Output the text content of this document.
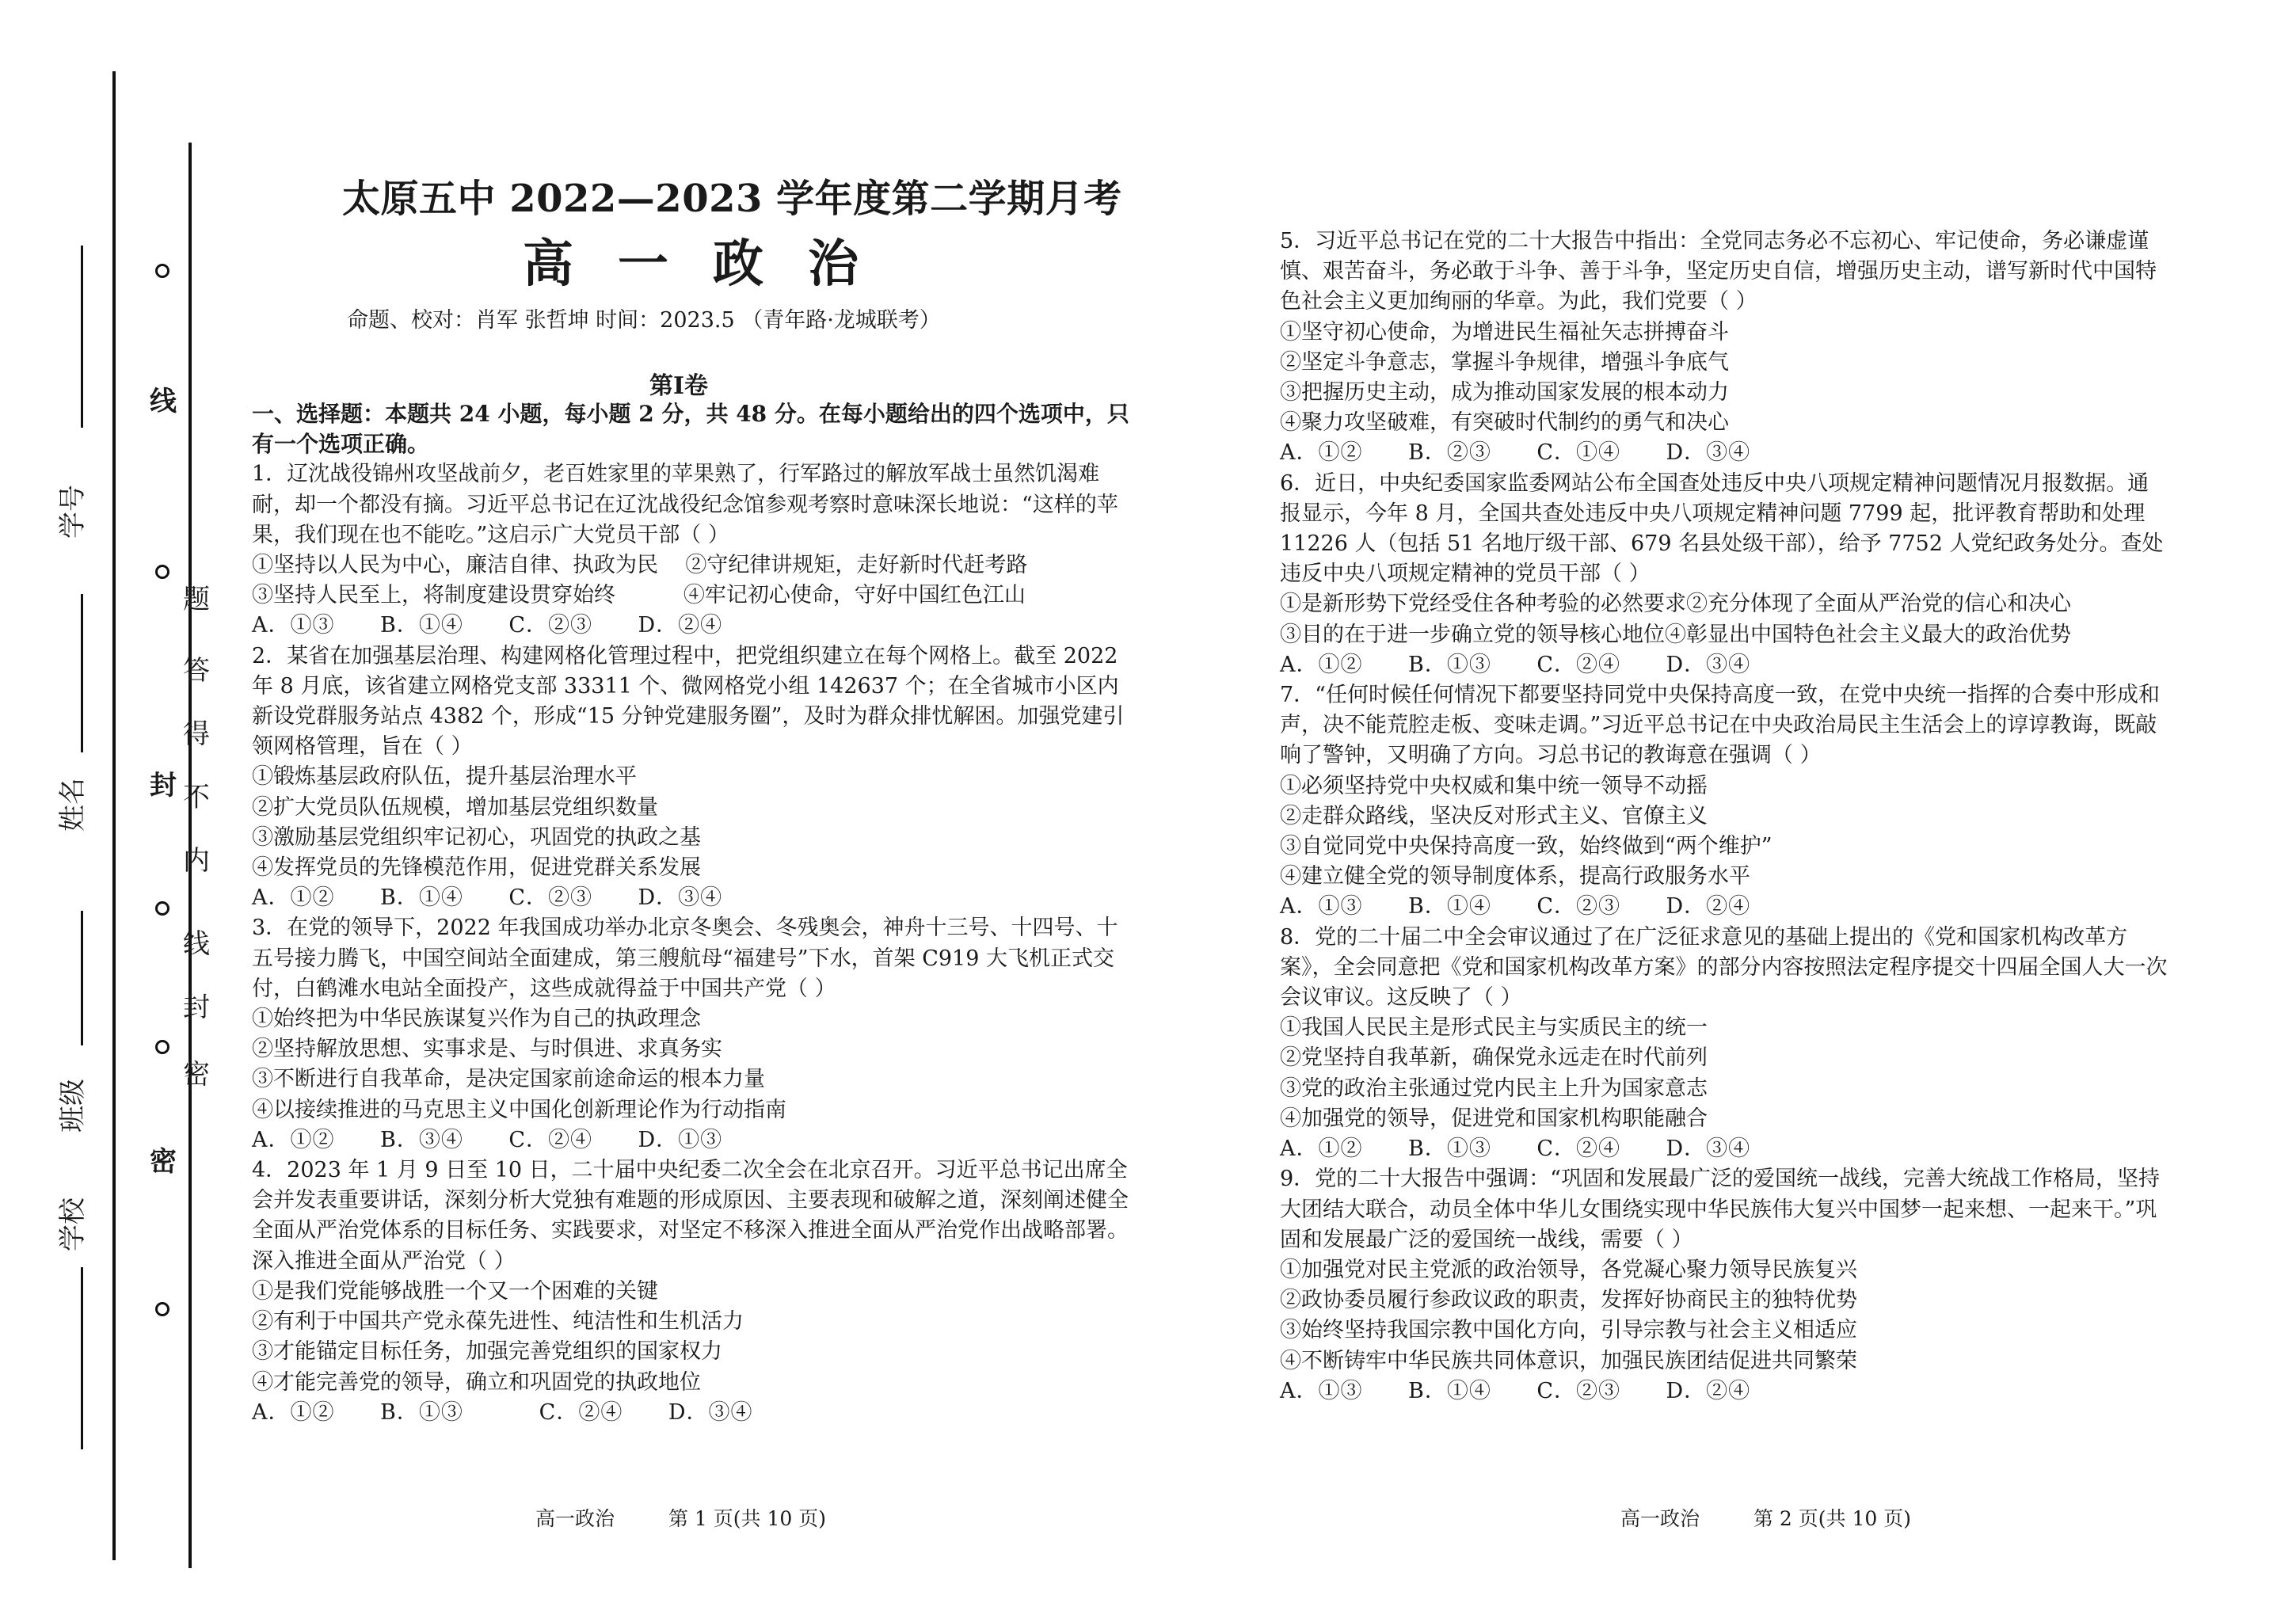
学号
姓名
班级
学校
线
封
密
题
答
得
不
内
线
封
密
太原五中 2022—2023 学年度第二学期月考
高一政治
命题、校对：肖军 张哲坤 时间：2023.5 （青年路·龙城联考）
第Ⅰ卷

一、选择题：本题共 24 小题，每小题 2 分，共 48 分。在每小题给出的四个选项中，只有一个选项正确。

1．辽沈战役锦州攻坚战前夕，老百姓家里的苹果熟了，行军路过的解放军战士虽然饥渴难耐，却一个都没有摘。习近平总书记在辽沈战役纪念馆参观考察时意味深长地说：“这样的苹果，我们现在也不能吃。”这启示广大党员干部（ ）

①坚持以人民为中心，廉洁自律、执政为民    ②守纪律讲规矩，走好新时代赶考路

③坚持人民至上，将制度建设贯穿始终          ④牢记初心使命，守好中国红色江山

A．①③      B．①④      C．②③      D．②④

2．某省在加强基层治理、构建网格化管理过程中，把党组织建立在每个网格上。截至 2022 年 8 月底，该省建立网格党支部 33311 个、微网格党小组 142637 个；在全省城市小区内新设党群服务站点 4382 个，形成“15 分钟党建服务圈”，及时为群众排忧解困。加强党建引领网格管理，旨在（ ）

①锻炼基层政府队伍，提升基层治理水平

②扩大党员队伍规模，增加基层党组织数量

③激励基层党组织牢记初心，巩固党的执政之基

④发挥党员的先锋模范作用，促进党群关系发展

A．①②      B．①④      C．②③      D．③④

3．在党的领导下，2022 年我国成功举办北京冬奥会、冬残奥会，神舟十三号、十四号、十五号接力腾飞，中国空间站全面建成，第三艘航母“福建号”下水，首架 C919 大飞机正式交付，白鹤滩水电站全面投产，这些成就得益于中国共产党（ ）

①始终把为中华民族谋复兴作为自己的执政理念

②坚持解放思想、实事求是、与时俱进、求真务实

③不断进行自我革命，是决定国家前途命运的根本力量

④以接续推进的马克思主义中国化创新理论作为行动指南

A．①②      B．③④      C．②④      D．①③

4．2023 年 1 月 9 日至 10 日，二十届中央纪委二次全会在北京召开。习近平总书记出席全会并发表重要讲话，深刻分析大党独有难题的形成原因、主要表现和破解之道，深刻阐述健全全面从严治党体系的目标任务、实践要求，对坚定不移深入推进全面从严治党作出战略部署。深入推进全面从严治党（ ）

①是我们党能够战胜一个又一个困难的关键

②有利于中国共产党永葆先进性、纯洁性和生机活力

③才能锚定目标任务，加强完善党组织的国家权力

④才能完善党的领导，确立和巩固党的执政地位

A．①②      B．①③          C．②④      D．③④

高一政治	第 1 页(共 10 页)

5．习近平总书记在党的二十大报告中指出：全党同志务必不忘初心、牢记使命，务必谦虚谨慎、艰苦奋斗，务必敢于斗争、善于斗争，坚定历史自信，增强历史主动，谱写新时代中国特色社会主义更加绚丽的华章。为此，我们党要（ ）

①坚守初心使命，为增进民生福祉矢志拼搏奋斗

②坚定斗争意志，掌握斗争规律，增强斗争底气

③把握历史主动，成为推动国家发展的根本动力

④聚力攻坚破难，有突破时代制约的勇气和决心

A．①②      B．②③      C．①④      D．③④

6．近日，中央纪委国家监委网站公布全国查处违反中央八项规定精神问题情况月报数据。通报显示，今年 8 月，全国共查处违反中央八项规定精神问题 7799 起，批评教育帮助和处理 11226 人（包括 51 名地厅级干部、679 名县处级干部），给予 7752 人党纪政务处分。查处违反中央八项规定精神的党员干部（ ）

①是新形势下党经受住各种考验的必然要求②充分体现了全面从严治党的信心和决心

③目的在于进一步确立党的领导核心地位④彰显出中国特色社会主义最大的政治优势

A．①②      B．①③      C．②④      D．③④

7．“任何时候任何情况下都要坚持同党中央保持高度一致，在党中央统一指挥的合奏中形成和声，决不能荒腔走板、变味走调。”习近平总书记在中央政治局民主生活会上的谆谆教诲，既敲响了警钟，又明确了方向。习总书记的教诲意在强调（ ）

①必须坚持党中央权威和集中统一领导不动摇

②走群众路线，坚决反对形式主义、官僚主义

③自觉同党中央保持高度一致，始终做到“两个维护”

④建立健全党的领导制度体系，提高行政服务水平

A．①③      B．①④      C．②③      D．②④

8．党的二十届二中全会审议通过了在广泛征求意见的基础上提出的《党和国家机构改革方案》，全会同意把《党和国家机构改革方案》的部分内容按照法定程序提交十四届全国人大一次会议审议。这反映了（ ）

①我国人民民主是形式民主与实质民主的统一

②党坚持自我革新，确保党永远走在时代前列

③党的政治主张通过党内民主上升为国家意志

④加强党的领导，促进党和国家机构职能融合

A．①②      B．①③      C．②④      D．③④

9．党的二十大报告中强调：“巩固和发展最广泛的爱国统一战线，完善大统战工作格局，坚持大团结大联合，动员全体中华儿女围绕实现中华民族伟大复兴中国梦一起来想、一起来干。”巩固和发展最广泛的爱国统一战线，需要（ ）

①加强党对民主党派的政治领导，各党凝心聚力领导民族复兴

②政协委员履行参政议政的职责，发挥好协商民主的独特优势

③始终坚持我国宗教中国化方向，引导宗教与社会主义相适应

④不断铸牢中华民族共同体意识，加强民族团结促进共同繁荣

A．①③      B．①④      C．②③      D．②④

高一政治	第 2 页(共 10 页)
